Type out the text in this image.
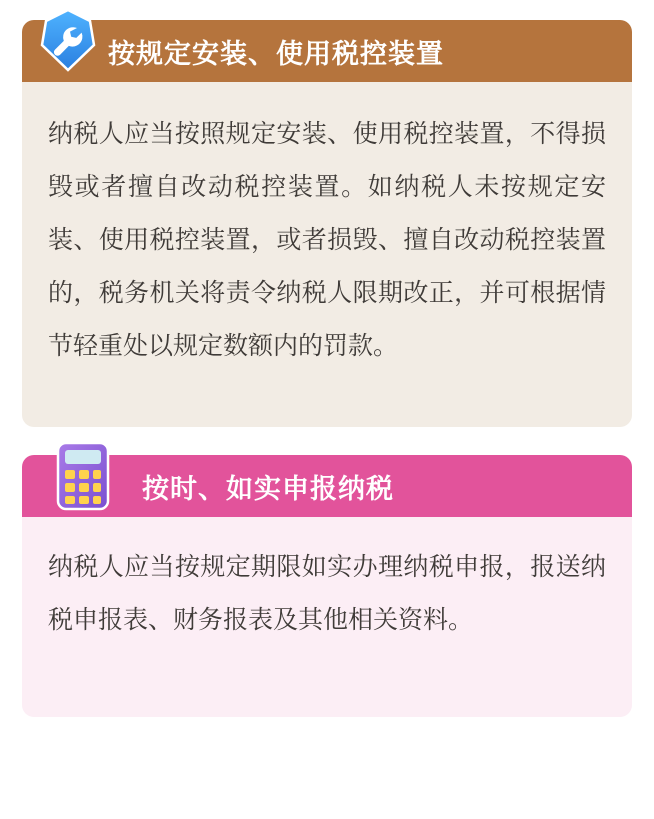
按规定安装、使用税控装置
纳税人应当按照规定安装、使用税控装置，不得损毁或者擅自改动税控装置。如纳税人未按规定安装、使用税控装置，或者损毁、擅自改动税控装置的，税务机关将责令纳税人限期改正，并可根据情节轻重处以规定数额内的罚款。
按时、如实申报纳税
纳税人应当按规定期限如实办理纳税申报，报送纳税申报表、财务报表及其他相关资料。
